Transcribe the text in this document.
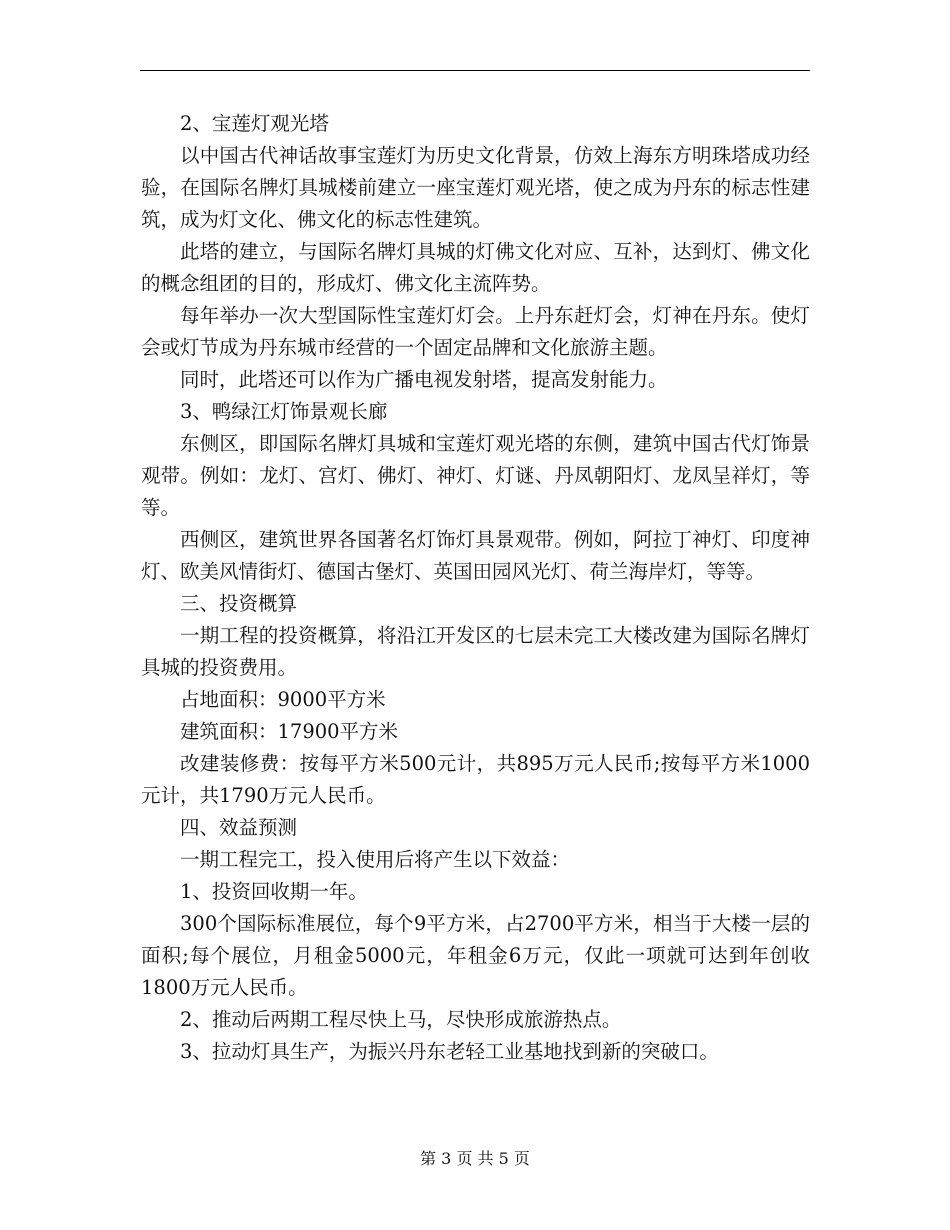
2、宝莲灯观光塔

以中国古代神话故事宝莲灯为历史文化背景，仿效上海东方明珠塔成功经验，在国际名牌灯具城楼前建立一座宝莲灯观光塔，使之成为丹东的标志性建筑，成为灯文化、佛文化的标志性建筑。

此塔的建立，与国际名牌灯具城的灯佛文化对应、互补，达到灯、佛文化的概念组团的目的，形成灯、佛文化主流阵势。

每年举办一次大型国际性宝莲灯灯会。上丹东赶灯会，灯神在丹东。使灯会或灯节成为丹东城市经营的一个固定品牌和文化旅游主题。

同时，此塔还可以作为广播电视发射塔，提高发射能力。

3、鸭绿江灯饰景观长廊

东侧区，即国际名牌灯具城和宝莲灯观光塔的东侧，建筑中国古代灯饰景观带。例如：龙灯、宫灯、佛灯、神灯、灯谜、丹凤朝阳灯、龙凤呈祥灯，等等。

西侧区，建筑世界各国著名灯饰灯具景观带。例如，阿拉丁神灯、印度神灯、欧美风情街灯、德国古堡灯、英国田园风光灯、荷兰海岸灯，等等。

三、投资概算

一期工程的投资概算，将沿江开发区的七层未完工大楼改建为国际名牌灯具城的投资费用。

占地面积：9000平方米

建筑面积：17900平方米

改建装修费：按每平方米500元计，共895万元人民币;按每平方米1000元计，共1790万元人民币。

四、效益预测

一期工程完工，投入使用后将产生以下效益：

1、投资回收期一年。

300个国际标准展位，每个9平方米，占2700平方米，相当于大楼一层的面积;每个展位，月租金5000元，年租金6万元，仅此一项就可达到年创收1800万元人民币。

2、推动后两期工程尽快上马，尽快形成旅游热点。

3、拉动灯具生产，为振兴丹东老轻工业基地找到新的突破口。

第 3 页 共 5 页
